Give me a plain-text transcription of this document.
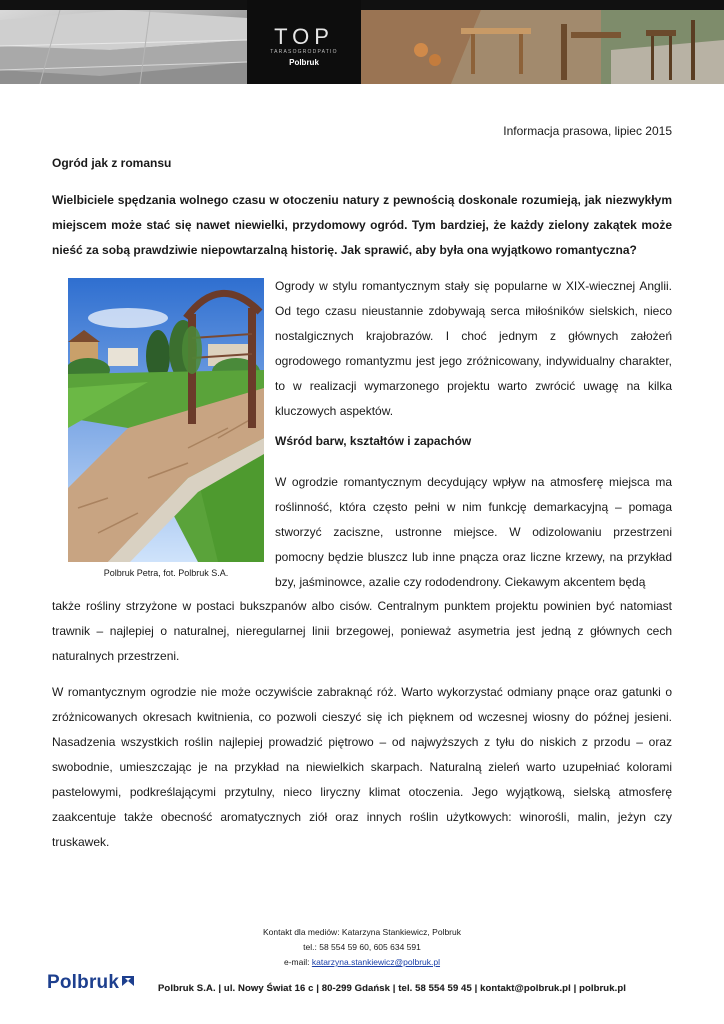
TOP
TARASOGRODPATIO
Polbruk
Informacja prasowa, lipiec 2015
Ogród jak z romansu
Wielbiciele spędzania wolnego czasu w otoczeniu natury z pewnością doskonale rozumieją, jak niezwykłym miejscem może stać się nawet niewielki, przydomowy ogród. Tym bardziej, że każdy zielony zakątek może nieść za sobą prawdziwie niepowtarzalną historię. Jak sprawić, aby była ona wyjątkowo romantyczna?
Polbruk Petra, fot. Polbruk S.A.
Ogrody w stylu romantycznym stały się popularne w XIX-wiecznej Anglii. Od tego czasu nieustannie zdobywają serca miłośników sielskich, nieco nostalgicznych krajobrazów. I choć jednym z głównych założeń ogrodowego romantyzmu jest jego zróżnicowany, indywidualny charakter, to w realizacji wymarzonego projektu warto zwrócić uwagę na kilka kluczowych aspektów.
Wśród barw, kształtów i zapachów
W ogrodzie romantycznym decydujący wpływ na atmosferę miejsca ma roślinność, która często pełni w nim funkcję demarkacyjną – pomaga stworzyć zaciszne, ustronne miejsce. W odizolowaniu przestrzeni pomocny będzie bluszcz lub inne pnącza oraz liczne krzewy, na przykład bzy, jaśminowce, azalie czy rododendrony. Ciekawym akcentem będą
także rośliny strzyżone w postaci bukszpanów albo cisów. Centralnym punktem projektu powinien być natomiast trawnik – najlepiej o naturalnej, nieregularnej linii brzegowej, ponieważ asymetria jest jedną z głównych cech naturalnych przestrzeni.
W romantycznym ogrodzie nie może oczywiście zabraknąć róż. Warto wykorzystać odmiany pnące oraz gatunki o zróżnicowanych okresach kwitnienia, co pozwoli cieszyć się ich pięknem od wczesnej wiosny do późnej jesieni. Nasadzenia wszystkich roślin najlepiej prowadzić piętrowo – od najwyższych z tyłu do niskich z przodu – oraz swobodnie, umieszczając je na przykład na niewielkich skarpach. Naturalną zieleń warto uzupełniać kolorami pastelowymi, podkreślającymi przytulny, nieco liryczny klimat otoczenia. Jego wyjątkową, sielską atmosferę zaakcentuje także obecność aromatycznych ziół oraz innych roślin użytkowych: winorośli, malin, jeżyn czy truskawek.
Kontakt dla mediów: Katarzyna Stankiewicz, Polbruk
tel.: 58 554 59 60, 605 634 591
e-mail: katarzyna.stankiewicz@polbruk.pl
Polbruk	Polbruk S.A. | ul. Nowy Świat 16 c | 80-299 Gdańsk | tel. 58 554 59 45 | kontakt@polbruk.pl | polbruk.pl
